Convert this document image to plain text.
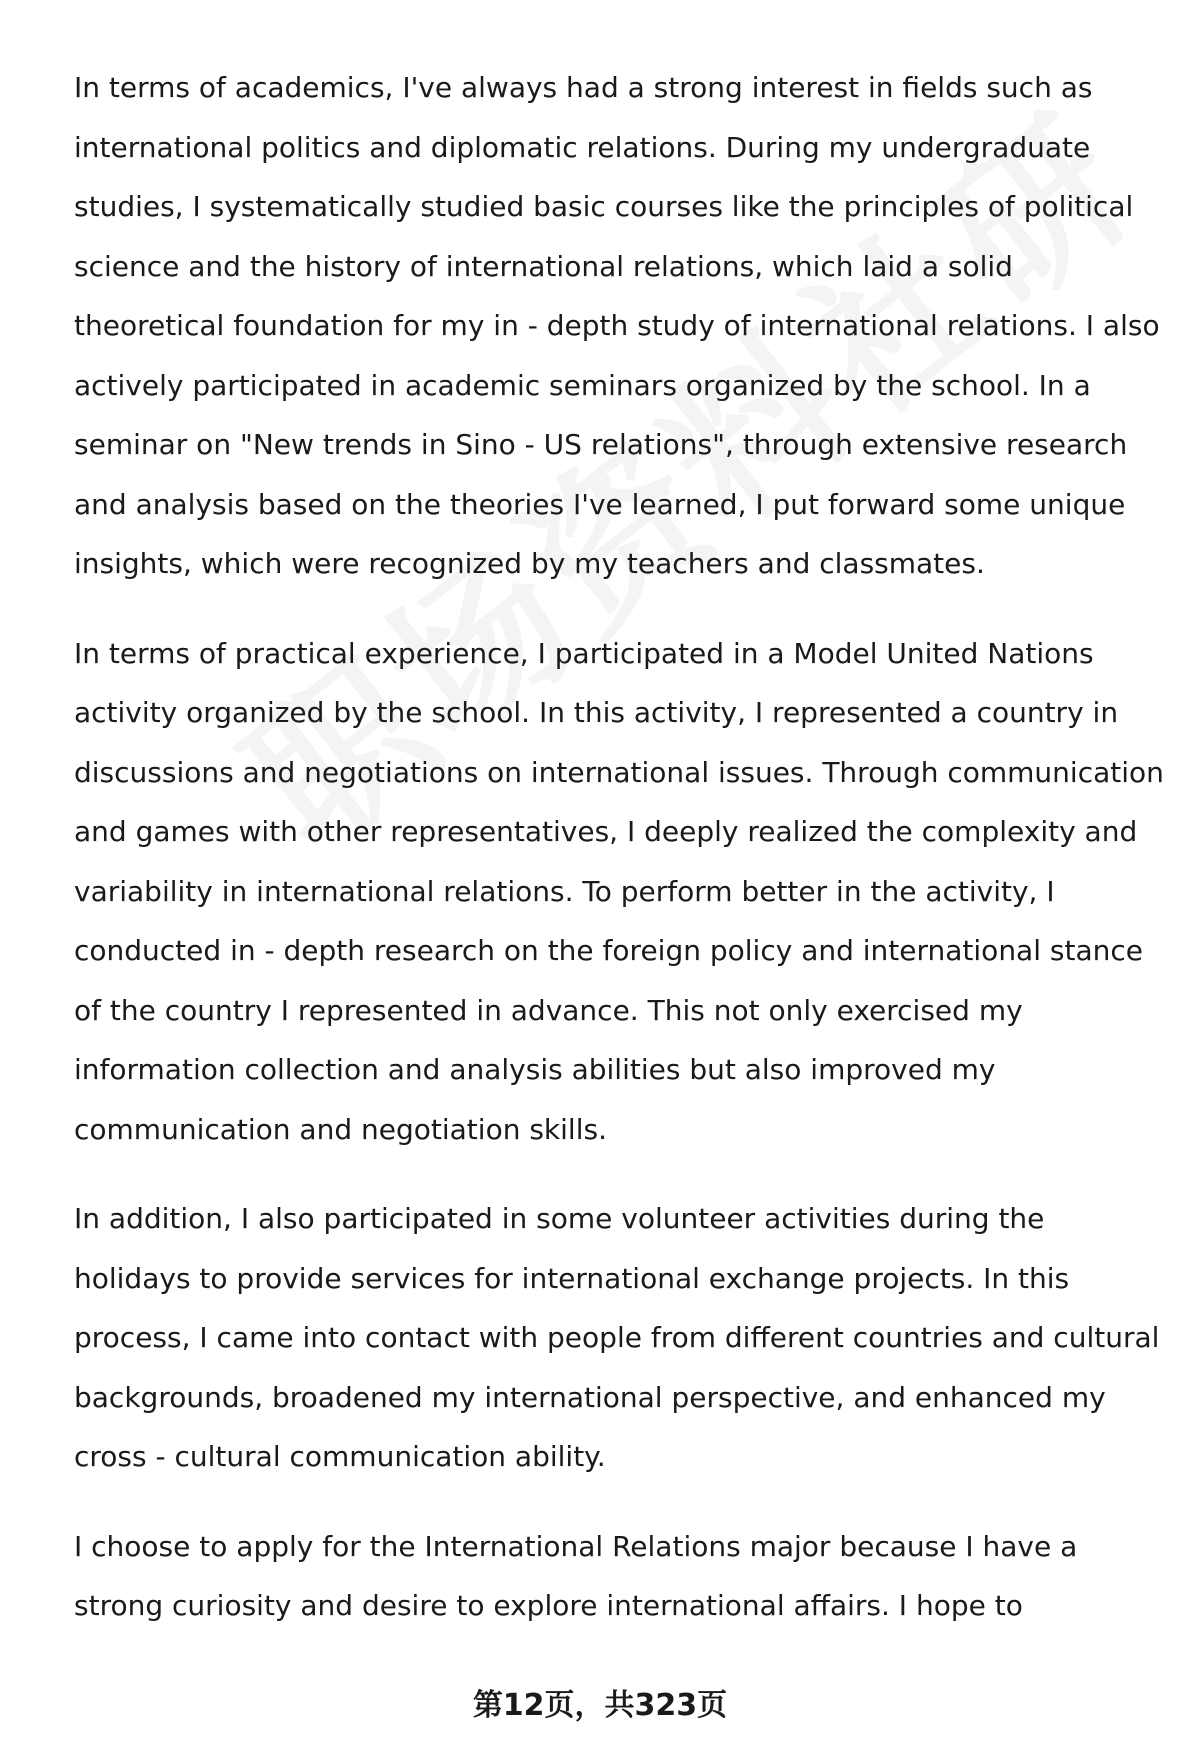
In terms of academics, I've always had a strong interest in fields such as international politics and diplomatic relations. During my undergraduate studies, I systematically studied basic courses like the principles of political science and the history of international relations, which laid a solid theoretical foundation for my in - depth study of international relations. I also actively participated in academic seminars organized by the school. In a seminar on "New trends in Sino - US relations", through extensive research and analysis based on the theories I've learned, I put forward some unique insights, which were recognized by my teachers and classmates.

In terms of practical experience, I participated in a Model United Nations activity organized by the school. In this activity, I represented a country in discussions and negotiations on international issues. Through communication and games with other representatives, I deeply realized the complexity and variability in international relations. To perform better in the activity, I conducted in - depth research on the foreign policy and international stance of the country I represented in advance. This not only exercised my information collection and analysis abilities but also improved my communication and negotiation skills.

In addition, I also participated in some volunteer activities during the holidays to provide services for international exchange projects. In this process, I came into contact with people from different countries and cultural backgrounds, broadened my international perspective, and enhanced my cross - cultural communication ability.

I choose to apply for the International Relations major because I have a strong curiosity and desire to explore international affairs. I hope to

第12页，共323页
